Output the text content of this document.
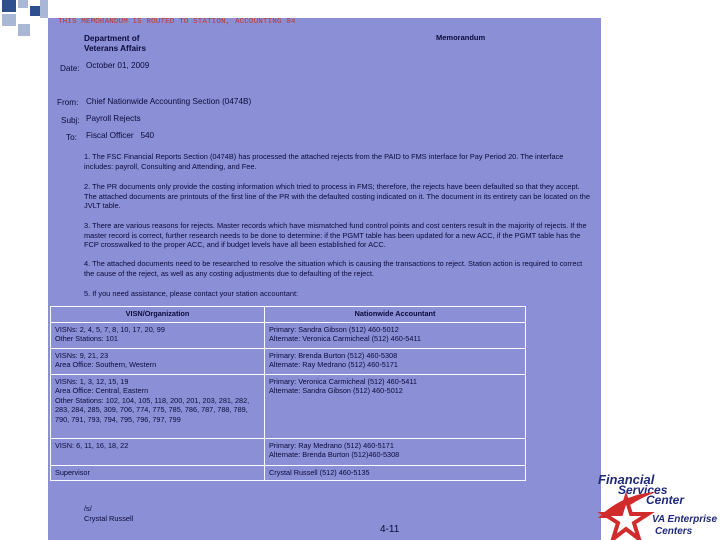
THIS MEMORANDUM IS ROUTED TO STATION, ACCOUNTING 04
Department of
Veterans Affairs
Memorandum
Date: October 01, 2009
From: Chief Nationwide Accounting Section (0474B)
Subj: Payroll Rejects
To: Fiscal Officer   540
1. The FSC Financial Reports Section (0474B) has processed the attached rejects from the PAID to FMS interface for Pay Period 20. The interface includes: payroll, Consulting and Attending, and Fee.
2. The PR documents only provide the costing information which tried to process in FMS; therefore, the rejects have been defaulted so that they accept. The attached documents are printouts of the first line of the PR with the defaulted costing indicated on it. The document in its entirety can be located on the JVLT table.
3. There are various reasons for rejects. Master records which have mismatched fund control points and cost centers result in the majority of rejects. If the master record is correct, further research needs to be done to determine: if the PGMT table has been updated for a new ACC, if the PGMT table has the FCP crosswalked to the proper ACC, and if budget levels have all been established for ACC.
4. The attached documents need to be researched to resolve the situation which is causing the transactions to reject. Station action is required to correct the cause of the reject, as well as any costing adjustments due to defaulting of the reject.
5. If you need assistance, please contact your station accountant:
VISN/Organization	Nationwide Accountant
VISNs: 2, 4, 5, 7, 8, 10, 17, 20, 99
Other Stations: 101	Primary: Sandra Gibson (512) 460-5012
Alternate: Veronica Carmicheal (512) 460-5411
VISNs: 9, 21, 23
Area Office: Southern, Western	Primary: Brenda Burton (512) 460-5308
Alternate: Ray Medrano (512) 460-5171
VISNs: 1, 3, 12, 15, 19
Area Office: Central, Eastern
Other Stations: 102, 104, 105, 118, 200, 201, 203, 281, 282, 283, 284, 285, 309, 706, 774, 775, 785, 786, 787, 788, 789, 790, 791, 793, 794, 795, 796, 797, 799	Primary: Veronica Carmicheal (512) 460-5411
Alternate: Sandra Gibson (512) 460-5012
VISN: 6, 11, 16, 18, 22	Primary: Ray Medrano (512) 460-5171
Alternate: Brenda Burton (512)460-5308
Supervisor	Crystal Russell (512) 460-5135
/s/
Crystal Russell
4-11
Financial
Services
Center
VA Enterprise
Centers
